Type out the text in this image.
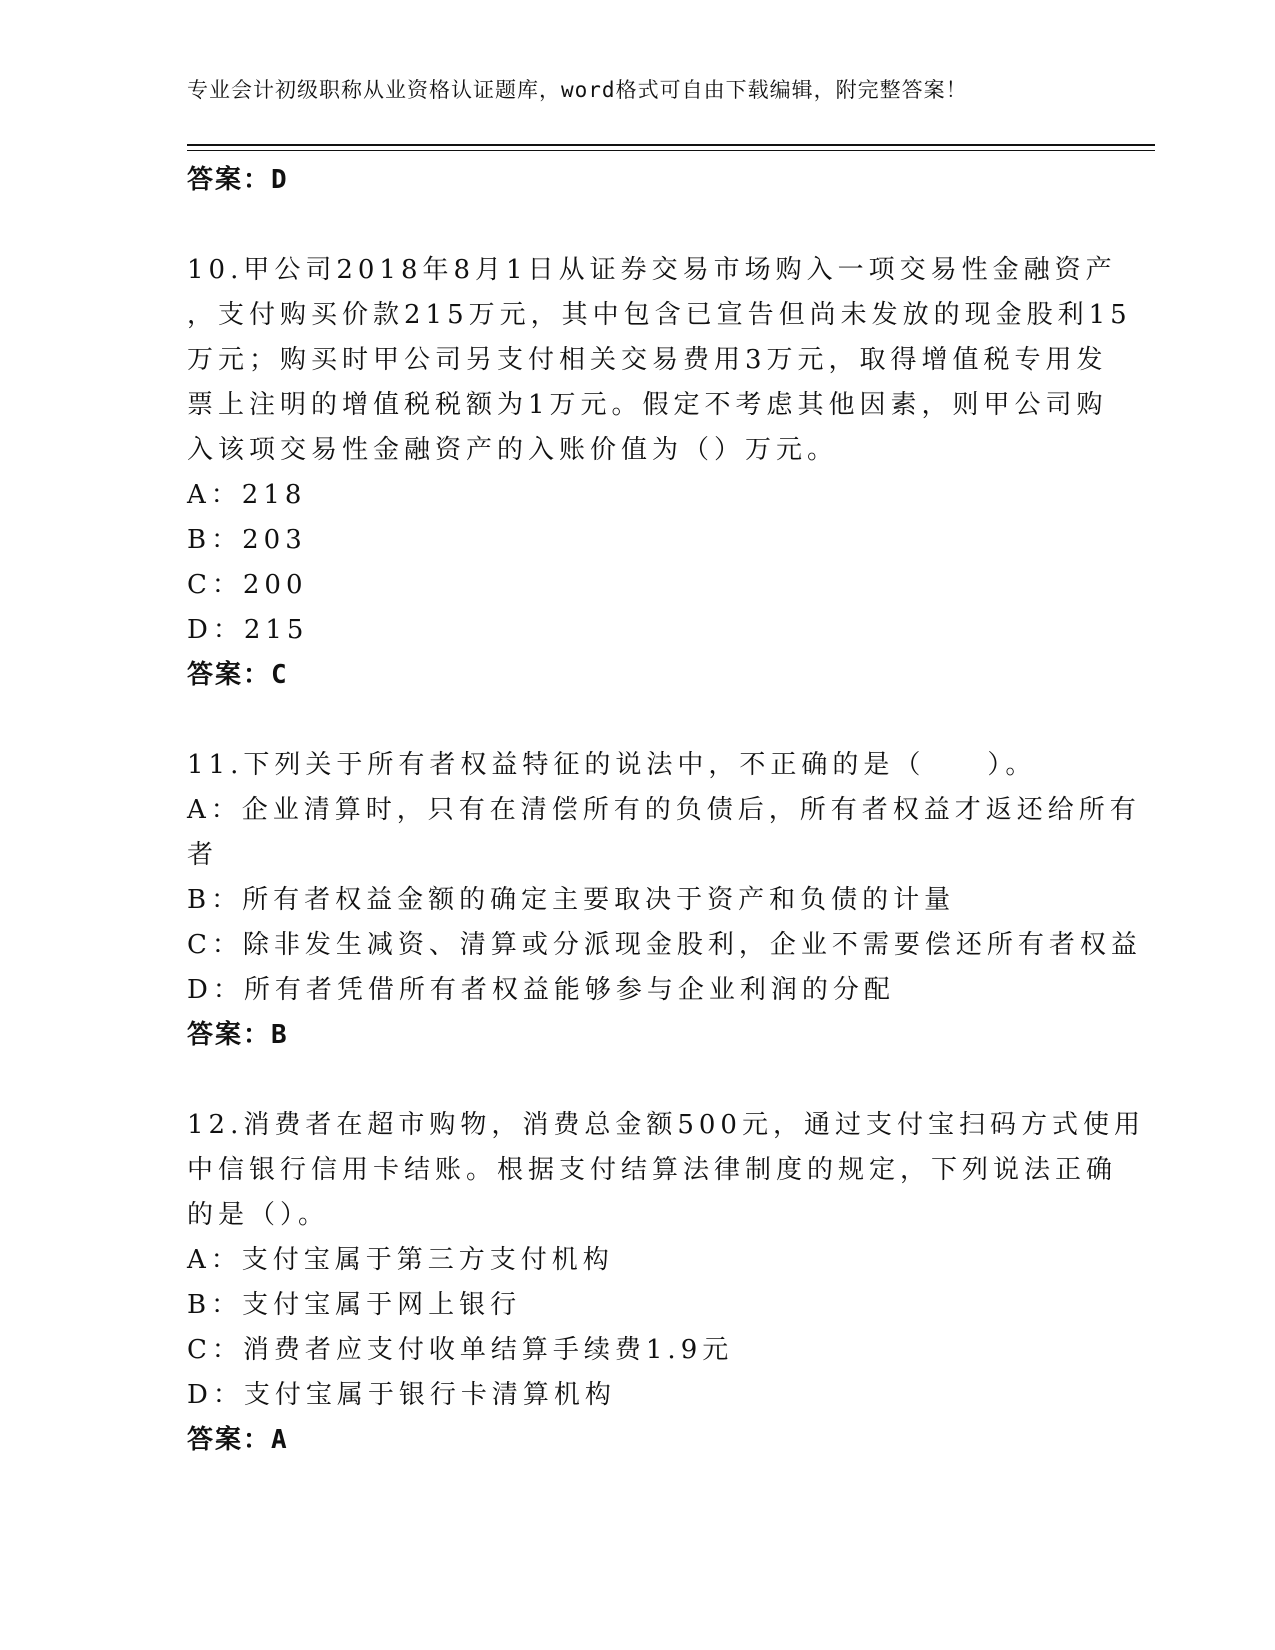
专业会计初级职称从业资格认证题库，word格式可自由下载编辑，附完整答案！
答案：D
10.甲公司2018年8月1日从证券交易市场购入一项交易性金融资产
，支付购买价款215万元，其中包含已宣告但尚未发放的现金股利15
万元；购买时甲公司另支付相关交易费用3万元，取得增值税专用发
票上注明的增值税税额为1万元。假定不考虑其他因素，则甲公司购
入该项交易性金融资产的入账价值为（）万元。
A：218
B：203
C：200
D：215
答案：C
11.下列关于所有者权益特征的说法中，不正确的是（　　）。
A：企业清算时，只有在清偿所有的负债后，所有者权益才返还给所有
者
B：所有者权益金额的确定主要取决于资产和负债的计量
C：除非发生减资、清算或分派现金股利，企业不需要偿还所有者权益
D：所有者凭借所有者权益能够参与企业利润的分配
答案：B
12.消费者在超市购物，消费总金额500元，通过支付宝扫码方式使用
中信银行信用卡结账。根据支付结算法律制度的规定，下列说法正确
的是（）。
A：支付宝属于第三方支付机构
B：支付宝属于网上银行
C：消费者应支付收单结算手续费1.9元
D：支付宝属于银行卡清算机构
答案：A
